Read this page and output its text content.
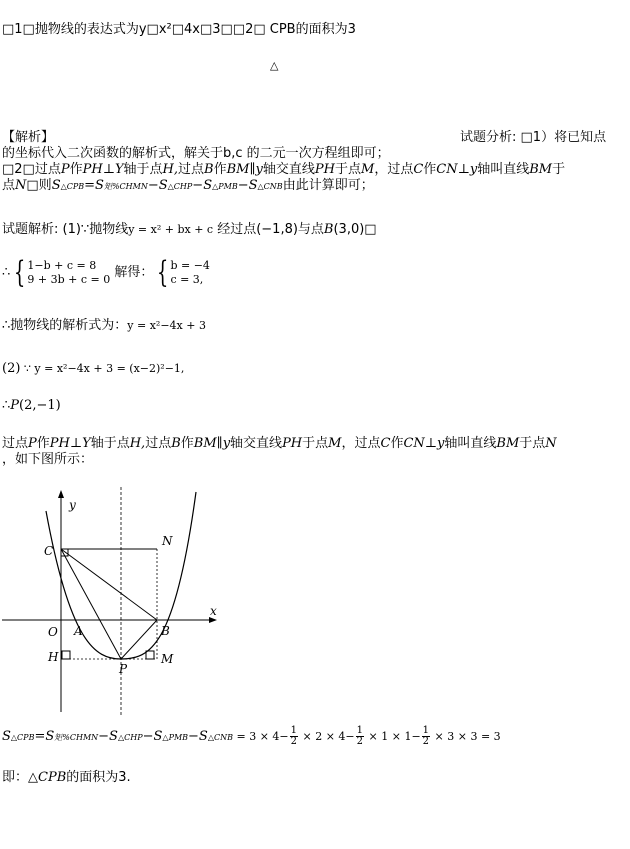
□1□抛物线的表达式为y□x²□4x□3□□2□ CPB的面积为3
△
【解析】	试题分析: □1）将已知点
的坐标代入二次函数的解析式，解关于b,c 的二元一次方程组即可；
□2□过点P作PH⊥Y轴于点H,过点B作BM∥y轴交直线PH于点M，过点C作CN⊥y轴叫直线BM于
点N□则S△CPB=S矩%CHMN−S△CHP−S△PMB−S△CNB由此计算即可；
试题解析: (1)∵抛物线y = x² + bx + c 经过点(−1,8)与点B(3,0)□
∴ { 1−b + c = 8
9 + 3b + c = 0 解得： { b = −4
c = 3,
∴抛物线的解析式为：y = x²−4x + 3
(2) ∵ y = x²−4x + 3 = (x−2)²−1,
∴P(2,−1)
过点P作PH⊥Y轴于点H,过点B作BM∥y轴交直线PH于点M，过点C作CN⊥y轴叫直线BM于点N
，如下图所示：
y
x
C
N
O A	B
H
P
M
S△CPB=S矩%CHMN−S△CHP−S△PMB−S△CNB = $3 \times 4- \frac{1}{2} \times 2 \times 4- \frac{1}{2} \times 1 \times 1- \frac{1}{2} \times 3 \times 3 = 3$
即：△CPB的面积为3.
